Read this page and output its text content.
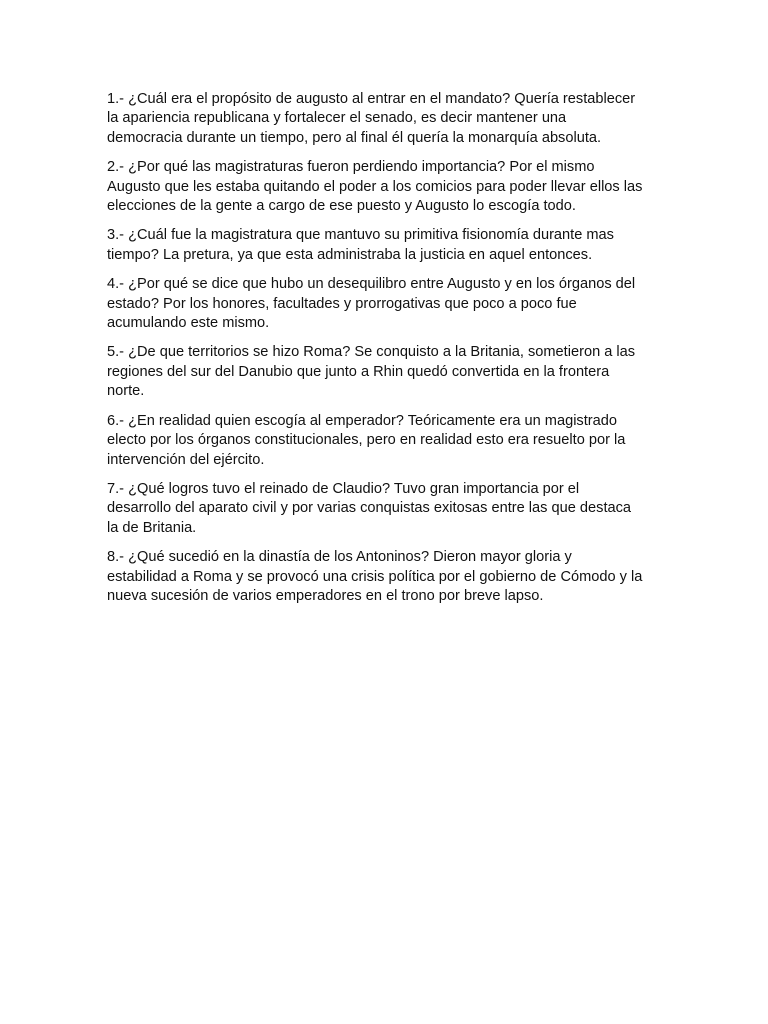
1.- ¿Cuál era el propósito de augusto al entrar en el mandato? Quería restablecer
la apariencia republicana y fortalecer el senado, es decir mantener una
democracia durante un tiempo, pero al final él quería la monarquía absoluta.

2.- ¿Por qué las magistraturas fueron perdiendo importancia? Por el mismo
Augusto que les estaba quitando el poder a los comicios para poder llevar ellos las
elecciones de la gente a cargo de ese puesto y Augusto lo escogía todo.

3.- ¿Cuál fue la magistratura que mantuvo su primitiva fisionomía durante mas
tiempo? La pretura, ya que esta administraba la justicia en aquel entonces.

4.- ¿Por qué se dice que hubo un desequilibro entre Augusto y en los órganos del
estado? Por los honores, facultades y prorrogativas que poco a poco fue
acumulando este mismo.

5.- ¿De que territorios se hizo Roma? Se conquisto a la Britania, sometieron a las
regiones del sur del Danubio que junto a Rhin quedó convertida en la frontera
norte.

6.- ¿En realidad quien escogía al emperador? Teóricamente era un magistrado
electo por los órganos constitucionales, pero en realidad esto era resuelto por la
intervención del ejército.

7.- ¿Qué logros tuvo el reinado de Claudio? Tuvo gran importancia por el
desarrollo del aparato civil y por varias conquistas exitosas entre las que destaca
la de Britania.

8.- ¿Qué sucedió en la dinastía de los Antoninos? Dieron mayor gloria y
estabilidad a Roma y se provocó una crisis política por el gobierno de Cómodo y la
nueva sucesión de varios emperadores en el trono por breve lapso.
